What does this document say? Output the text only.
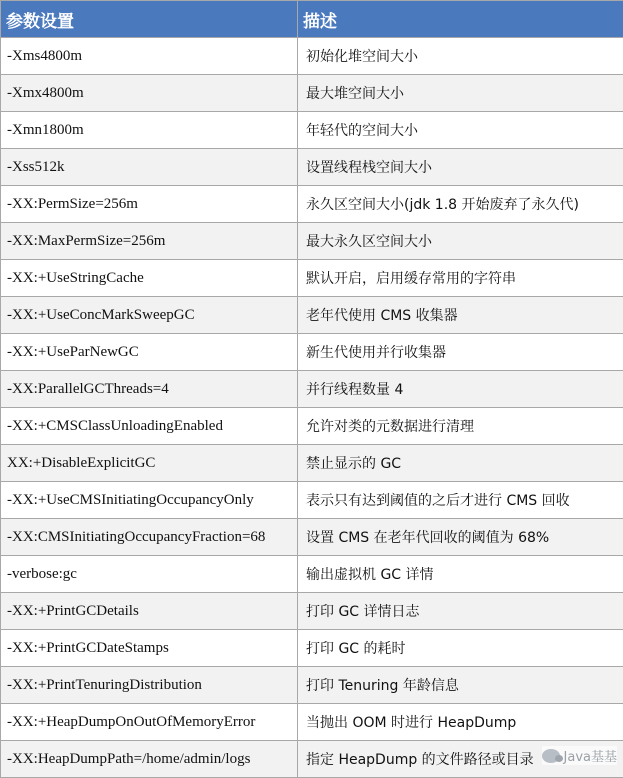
参数设置	描述
-Xms4800m	初始化堆空间大小
-Xmx4800m	最大堆空间大小
-Xmn1800m	年轻代的空间大小
-Xss512k	设置线程栈空间大小
-XX:PermSize=256m	永久区空间大小(jdk 1.8 开始废弃了永久代)
-XX:MaxPermSize=256m	最大永久区空间大小
-XX:+UseStringCache	默认开启，启用缓存常用的字符串
-XX:+UseConcMarkSweepGC	老年代使用 CMS 收集器
-XX:+UseParNewGC	新生代使用并行收集器
-XX:ParallelGCThreads=4	并行线程数量 4
-XX:+CMSClassUnloadingEnabled	允许对类的元数据进行清理
XX:+DisableExplicitGC	禁止显示的 GC
-XX:+UseCMSInitiatingOccupancyOnly	表示只有达到阈值的之后才进行 CMS 回收
-XX:CMSInitiatingOccupancyFraction=68	设置 CMS 在老年代回收的阈值为 68%
-verbose:gc	输出虚拟机 GC 详情
-XX:+PrintGCDetails	打印 GC 详情日志
-XX:+PrintGCDateStamps	打印 GC 的耗时
-XX:+PrintTenuringDistribution	打印 Tenuring 年龄信息
-XX:+HeapDumpOnOutOfMemoryError	当抛出 OOM 时进行 HeapDump
-XX:HeapDumpPath=/home/admin/logs	指定 HeapDump 的文件路径或目录 Java基基
